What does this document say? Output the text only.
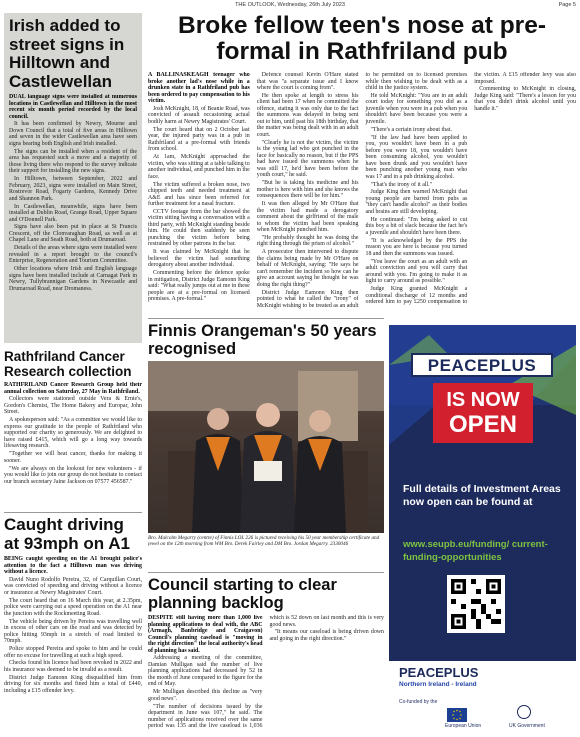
THE OUTLOOK, Wednesday, 26th July 2023	Page 5
Irish added to street signs in Hilltown and Castlewellan

DUAL language signs were installed at numerous locations in Castlewellan and Hilltown in the most recent six month period recorded by the local council.

It has been confirmed by Newry, Mourne and Down Council that a total of five areas in Hilltown and seven in the wider Castlewellan area have seen signs bearing both English and Irish installed.

The signs can be installed when a resident of the area has requested such a move and a majority of those living there who respond to the survey indicate their support for installing the new signs.

In Hilltown, between September, 2022 and February, 2023, signs were installed on Main Street, Rostrevor Road, Fogarty Gardens, Kennedy Drive and Shannon Park.

In Castlewellan, meanwhile, signs have been installed at Dublin Road, Grange Road, Upper Square and O'Donnell Park.

Signs have also been put in place at St Francis Crescent, off the Clonvaraghan Road, as well as at Chapel Lane and Seath Road, both at Drumaroad.

Details of the areas where signs were installed were revealed in a report brought to the council's Enterprise, Regeneration and Tourism Committee.

Other locations where Irish and English language signs have been installed include at Carnagat Park in Newry, Tullybrannigan Gardens in Newcastle and Drumaroad Road, near Dromaness.

Rathfriland Cancer Research collection

RATHFRILAND Cancer Research Group held their annual collection on Saturday, 27 May in Rathfriland.

Collectors were stationed outside Vera & Ernie's, Gordon's Chemist, The Home Bakery and Europar, John Street.

A spokesperson said: "As a committee we would like to express our gratitude to the people of Rathfriland who supported our charity so generously. We are delighted to have raised £415, which will go a long way towards lifesaving research.

"Together we will beat cancer, thanks for making it sooner.

"We are always on the lookout for new volunteers - if you would like to join our group do not hesitate to contact our branch secretary Jaine Jackson on 07577 456587."

Caught driving at 93mph on A1

BEING caught speeding on the A1 brought police's attention to the fact a Hilltown man was driving without a licence.

David Nuno Rodolfo Pereira, 32, of Carquillan Court, was convicted of speeding and driving without a licence or insurance at Newry Magistrates' Court.

The court heard that on 16 March this year, at 2.35pm, police were carrying out a speed operation on the A1 near the junction with the Rockmeeting Road.

The vehicle being driven by Pereira was travelling well in excess of other cars on the road and was detected by police hitting 93mph in a stretch of road limited to 70mph.

Police stopped Pereira and spoke to him and he could offer no excuse for travelling at such a high speed.

Checks found his licence had been revoked in 2022 and his insurance was deemed to be invalid as a result.

District Judge Eamonn King disqualified him from driving for six months and fined him a total of £440, including a £15 offender levy.

Broke fellow teen's nose at pre-formal in Rathfriland pub

A BALLINASKEAGH teenager who broke another lad's nose while in a drunken state in a Rathfriland pub has been ordered to pay compensation to his victim.

Josh McKnight, 18, of Beanie Road, was convicted of assault occasioning actual bodily harm at Newry Magistrates' Court.

The court heard that on 2 October last year, the injured party was in a pub in Rathfriland at a pre-formal with friends from school.

At 1am, McKnight approached the victim, who was sitting at a table talking to another individual, and punched him in the face.

The victim suffered a broken nose, two chipped teeth and needed treatment at A&E and has since been referred for further treatment for a nasal fracture.

CCTV footage from the bar showed the victim sitting having a conversation with a third party, with McKnight standing beside him. He could then suddenly be seen punching the victim before being restrained by other patrons in the bar.

It was claimed by McKnight that he believed the victim had something derogatory about another individual.

Commenting before the defence spoke in mitigation, District Judge Eamonn King said: "What really jumps out at me in these people are at a pre-formal on licensed premises. A pre-formal."

Defence counsel Kevin O'Hare stated that was "a separate issue and I know where the court is coming from".

He then spoke at length to stress his client had been 17 when he committed the offence, stating it was only due to the fact the summons was delayed in being sent out to him, until past his 18th birthday, that the matter was being dealt with in an adult court.

"Clearly he is not the victim, the victim is the young lad who got punched in the face for basically no reason, but if the PPS had have issued the summons when he was still 17, he'd have been before the youth court," he said.

"But he is taking his medicine and his mother is here with him and she knows the consequences there will be for him."

It was then alleged by Mr O'Hare that the victim had made a derogatory comment about the girlfriend of the male to whom the victim had been speaking when McKnight punched him.

"He probably thought he was doing the right thing through the prism of alcohol."

A prosecutor then intervened to dispute the claims being made by Mr O'Hare on behalf of McKnight, saying: "He says he can't remember the incident so how can he give an account saying he thought he was doing the right thing?"

District Judge Eamonn King then pointed to what he called the "irony" of McKnight wishing to be treated as an adult to be permitted on to licensed premises while then wishing to be dealt with as a child in the justice system.

He told McKnight: "You are in an adult court today for something you did as a juvenile when you were in a pub when you shouldn't have been because you were a juvenile.

"There's a certain irony about that.

"If the law had have been applied to you, you wouldn't have been in a pub before you were 18, you wouldn't have been consuming alcohol, you wouldn't have been drunk and you wouldn't have been punching another young man who was 17 and in a pub drinking alcohol.

"That's the irony of it all."

Judge King then warned McKnight that young people are barred from pubs as "they can't handle alcohol" as their bodies and brains are still developing.

He continued: "I'm being asked to cut this boy a bit of slack because the fact he's a juvenile and shouldn't have been there.

"It is acknowledged by the PPS the reason you are here is because you turned 18 and then the summons was issued.

"You leave the court as an adult with an adult conviction and you will carry that around with you. I'm going to make it as light to carry around as possible."

Judge King granted McKnight a conditional discharge of 12 months and ordered him to pay £250 compensation to the victim. A £15 offender levy was also imposed.

Commenting to McKnight in closing, Judge King said: "There's a lesson for you that you didn't drink alcohol until you handle it."

Finnis Orangeman's 50 years recognised
Bro. Malcolm Megarry (centre) of Finnis LOL 226 is pictured receiving his 50 year membership certificate and jewel on the 12th morning from WM Bro. Derek Fairley and DM Bro. Jordan Megarry. 2330046
Council starting to clear planning backlog

DESPITE still having more than 1,000 live planning applications to deal with, the ABC (Armagh, Banbridge and Craigavon) Council's planning caseload is "moving in the right direction" the local authority's head of planning has said.

Addressing a meeting of the committee, Damian Mulligan said the number of live planning applications had decreased by 52 in the month of June compared to the figure for the end of May.

Mr Mulligan described this decline as "very good news".

"The number of decisions issued by the department in June was 107," he said. The number of applications received over the same period was 135 and the live caseload is 1,036 which is 52 down on last month and this is very good news.

"It means our caseload is being driven down and going in the right direction."

PEACEPLUS
IS NOW
OPEN
Full details of Investment Areas now open can be found at
www.seupb.eu/funding/ current-funding-opportunities
PEACEPLUS
Northern Ireland - Ireland
Co-funded by the
European Union	UK Government
